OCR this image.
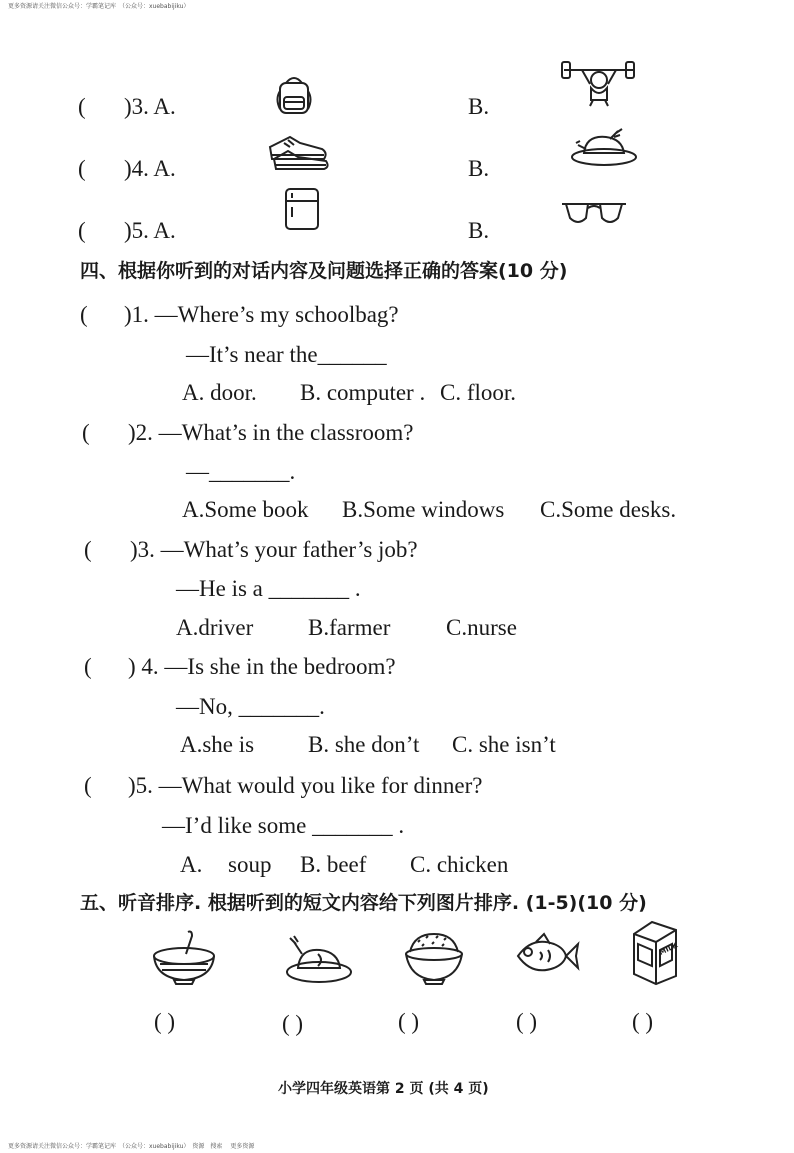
更多资源请关注微信公众号：学霸笔记库　（公众号：xuebabijiku）
( )3. A.	B.
( )4. A.	B.
( )5. A.	B.
四、根据你听到的对话内容及问题选择正确的答案(10 分)
( )1. —Where’s my schoolbag?
—It’s near the______
A. door. B. computer . C. floor.
( )2. —What’s in the classroom?
—_______.
A.Some book B.Some windows C.Some desks.
( )3. —What’s your father’s job?
—He is a _______ .
A.driver B.farmer C.nurse
( ) 4. —Is she in the bedroom?
—No, _______.
A.she is B. she don’t C. she isn’t
( )5. —What would you like for dinner?
—I’d like some _______ .
A. soup B. beef C. chicken
五、听音排序. 根据听到的短文内容给下列图片排序. (1-5)(10 分)
MILK
( )	( )	( )	( )	( )
小学四年级英语第 2 页 (共 4 页)
更多资源请关注微信公众号：学霸笔记库　（公众号：xuebabijiku）　资源　搜索　 更多资源
